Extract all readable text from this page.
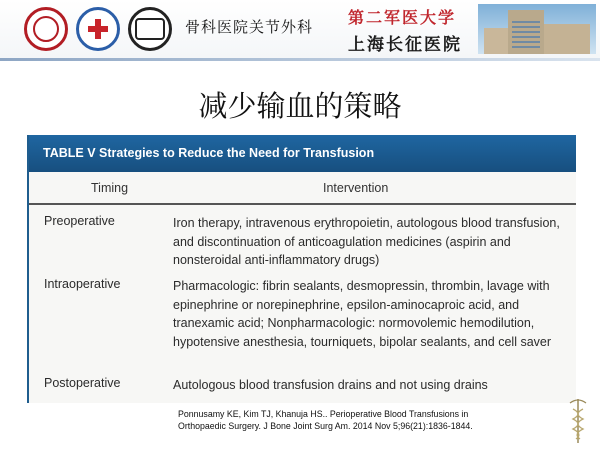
骨科医院关节外科 第二军医大学
上海长征医院
减少输血的策略
TABLE V Strategies to Reduce the Need for Transfusion
Timing	Intervention
Preoperative	Iron therapy, intravenous erythropoietin, autologous blood transfusion, and discontinuation of anticoagulation medicines (aspirin and nonsteroidal anti-inflammatory drugs)
Intraoperative	Pharmacologic: fibrin sealants, desmopressin, thrombin, lavage with epinephrine or norepinephrine, epsilon-aminocaproic acid, and tranexamic acid; Nonpharmacologic: normovolemic hemodilution, hypotensive anesthesia, tourniquets, bipolar sealants, and cell saver
Postoperative	Autologous blood transfusion drains and not using drains
Ponnusamy KE, Kim TJ, Khanuja HS.. Perioperative Blood Transfusions in
Orthopaedic Surgery. J Bone Joint Surg Am. 2014 Nov 5;96(21):1836-1844.
